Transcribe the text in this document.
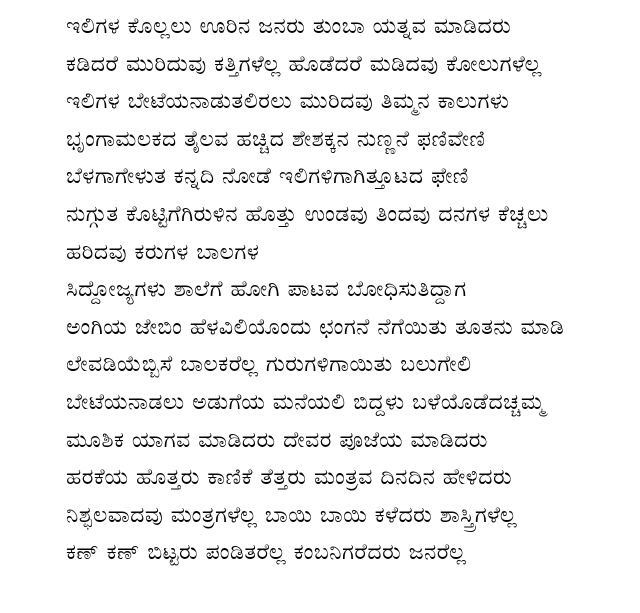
ಇಲಿಗಳ ಕೊಲ್ಲಲು ಊರಿನ ಜನರು ತುಂಬಾ ಯತ್ನವ ಮಾಡಿದರು
ಕಡಿದರೆ ಮುರಿದುವು ಕತ್ತಿಗಳೆಲ್ಲ ಹೊಡೆದರೆ ಮಡಿದವು ಕೋಲುಗಳೆಲ್ಲ
ಇಲಿಗಳ ಬೇಟೆಯನಾಡುತಲಿರಲು ಮುರಿದವು ತಿಮ್ಮನ ಕಾಲುಗಳು
ಭೃಂಗಾಮಲಕದ ತೈಲವ ಹಚ್ಚಿದ ಶೇಶಕ್ಕನ ನುಣ್ಣನೆ ಫಣಿವೇಣಿ
ಬೆಳಗಾಗೇಳುತ ಕನ್ನದಿ ನೋಡೆ ಇಲಿಗಳಿಗಾಗಿತ್ತೂಟದ ಫೇಣಿ
ನುಗ್ಗುತ ಕೊಟ್ಟಿಗೆಗಿರುಳಿನ ಹೊತ್ತು ಉಂಡವು ತಿಂದವು ದನಗಳ ಕೆಚ್ಚಲು
ಹರಿದವು ಕರುಗಳ ಬಾಲಗಳ
ಸಿದ್ದೋಜ್ಯಗಳು ಶಾಲೆಗೆ ಹೋಗಿ ಪಾಟವ ಬೋಧಿಸುತಿದ್ದಾಗ
ಅಂಗಿಯ ಜೇಬಿಂ ಹೆಳವಿಲಿಯೊಂದು ಛಂಗನೆ ನೆಗೆಯಿತು ತೂತನು ಮಾಡಿ
ಲೇವಡಿಯೆಬ್ಬಿಸೆ ಬಾಲಕರೆಲ್ಲ ಗುರುಗಳಿಗಾಯಿತು ಬಲುಗೇಲಿ
ಬೇಟೆಯನಾಡಲು ಅಡುಗೆಯ ಮನೆಯಲಿ ಬಿದ್ದಳು ಬಳೆಯೊಡೆದಚ್ಚಮ್ಮ
ಮೂಶಿಕ ಯಾಗವ ಮಾಡಿದರು ದೇವರ ಪೂಜೆಯ ಮಾಡಿದರು
ಹರಕೆಯ ಹೊತ್ತರು ಕಾಣಿಕೆ ತೆತ್ತರು ಮಂತ್ರವ ದಿನದಿನ ಹೇಳಿದರು
ನಿಶ್ಫಲವಾದವು ಮಂತ್ರಗಳೆಲ್ಲ ಬಾಯಿ ಬಾಯಿ ಕಳೆದರು ಶಾಸ್ತ್ರಿಗಳೆಲ್ಲ
ಕಣ್ ಕಣ್ ಬಿಟ್ಟರು ಪಂಡಿತರೆಲ್ಲ ಕಂಬನಿಗರೆದರು ಜನರೆಲ್ಲ
